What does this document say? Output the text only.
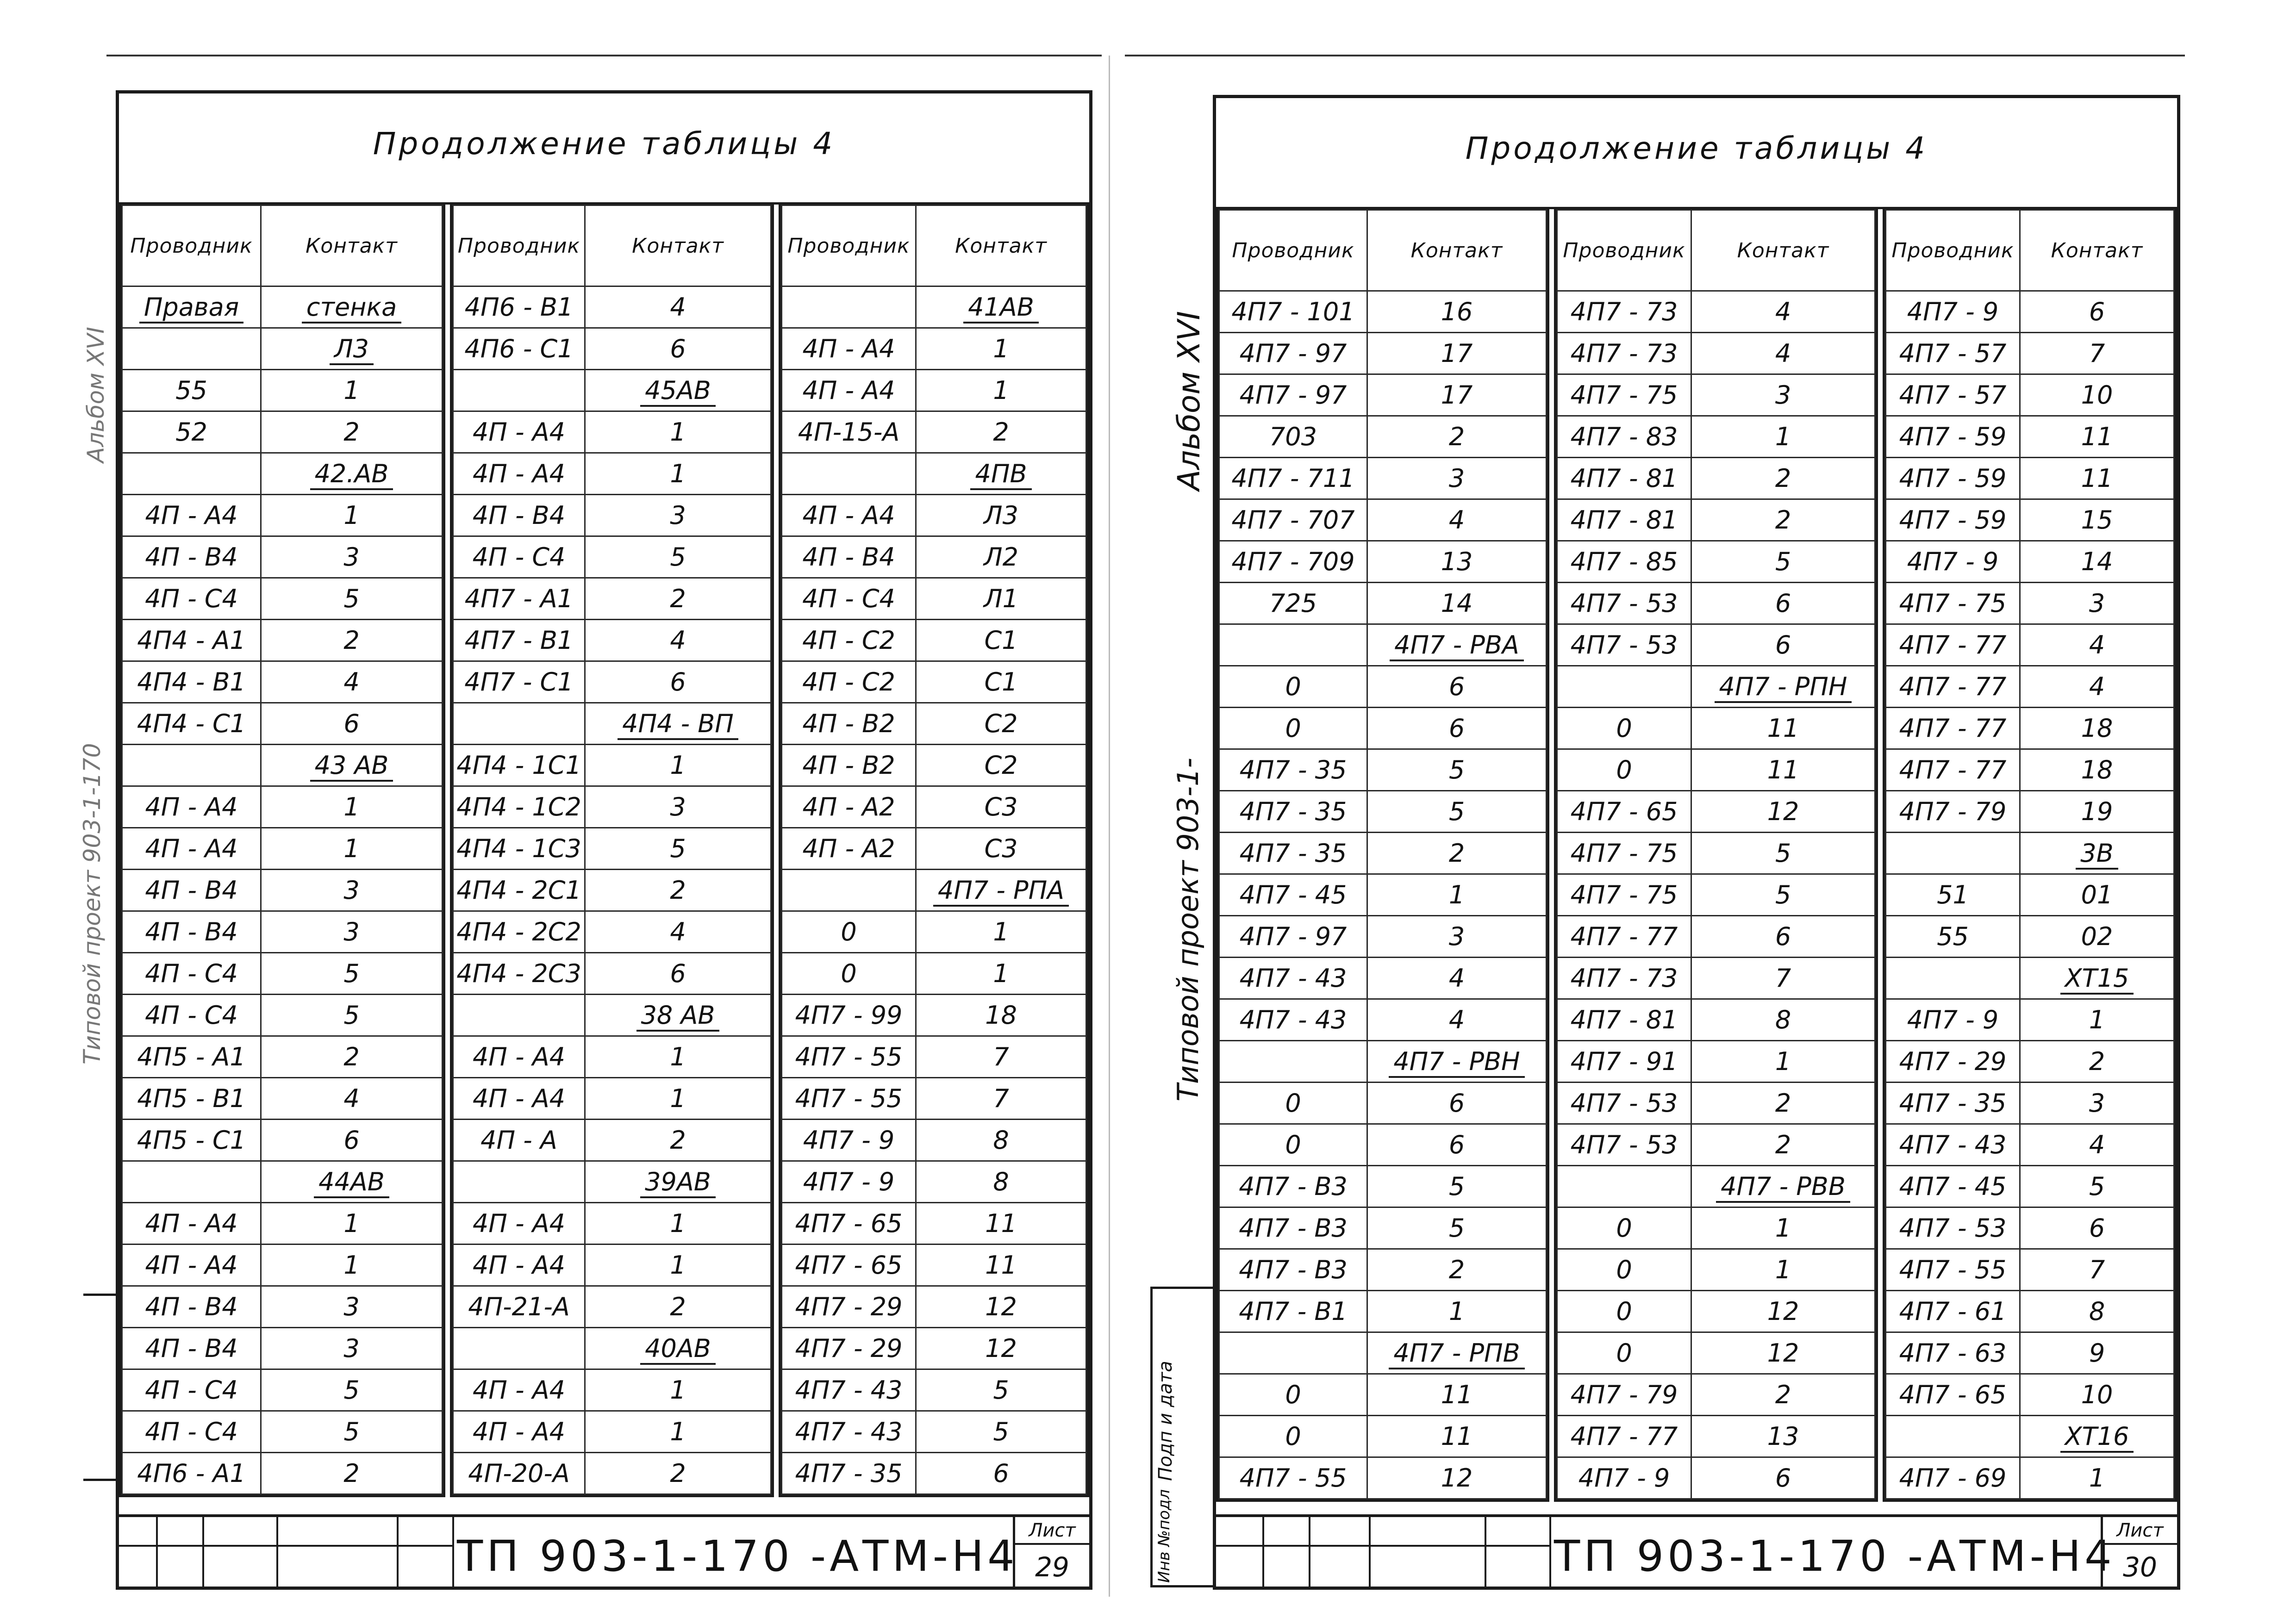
Продолжение таблицы 4
Проводник	Контакт
Правая	стенка
	Л3
55	1
52	2
	42.АВ
4П - А4	1
4П - В4	3
4П - С4	5
4П4 - А1	2
4П4 - В1	4
4П4 - С1	6
	43 АВ
4П - А4	1
4П - А4	1
4П - В4	3
4П - В4	3
4П - С4	5
4П - С4	5
4П5 - А1	2
4П5 - В1	4
4П5 - С1	6
	44АВ
4П - А4	1
4П - А4	1
4П - В4	3
4П - В4	3
4П - С4	5
4П - С4	5
4П6 - А1	2
Проводник	Контакт
4П6 - В1	4
4П6 - С1	6
	45АВ
4П - А4	1
4П - А4	1
4П - В4	3
4П - С4	5
4П7 - А1	2
4П7 - В1	4
4П7 - С1	6
	4П4 - ВП
4П4 - 1С1	1
4П4 - 1С2	3
4П4 - 1С3	5
4П4 - 2С1	2
4П4 - 2С2	4
4П4 - 2С3	6
	38 АВ
4П - А4	1
4П - А4	1
4П - А	2
	39АВ
4П - А4	1
4П - А4	1
4П-21-А	2
	40АВ
4П - А4	1
4П - А4	1
4П-20-А	2
Проводник	Контакт
	41АВ
4П - А4	1
4П - А4	1
4П-15-А	2
	4ПВ
4П - А4	Л3
4П - В4	Л2
4П - С4	Л1
4П - С2	С1
4П - С2	С1
4П - В2	С2
4П - В2	С2
4П - А2	С3
4П - А2	С3
	4П7 - РПА
0	1
0	1
4П7 - 99	18
4П7 - 55	7
4П7 - 55	7
4П7 - 9	8
4П7 - 9	8
4П7 - 65	11
4П7 - 65	11
4П7 - 29	12
4П7 - 29	12
4П7 - 43	5
4П7 - 43	5
4П7 - 35	6
ТП 903-1-170 -АТМ-Н4
Лист
29
Альбом XVI
Типовой проект 903-1-170
Продолжение таблицы 4
Проводник	Контакт
4П7 - 101	16
4П7 - 97	17
4П7 - 97	17
703	2
4П7 - 711	3
4П7 - 707	4
4П7 - 709	13
725	14
	4П7 - РВА
0	6
0	6
4П7 - 35	5
4П7 - 35	5
4П7 - 35	2
4П7 - 45	1
4П7 - 97	3
4П7 - 43	4
4П7 - 43	4
	4П7 - РВН
0	6
0	6
4П7 - В3	5
4П7 - В3	5
4П7 - В3	2
4П7 - В1	1
	4П7 - РПВ
0	11
0	11
4П7 - 55	12
Проводник	Контакт
4П7 - 73	4
4П7 - 73	4
4П7 - 75	3
4П7 - 83	1
4П7 - 81	2
4П7 - 81	2
4П7 - 85	5
4П7 - 53	6
4П7 - 53	6
	4П7 - РПН
0	11
0	11
4П7 - 65	12
4П7 - 75	5
4П7 - 75	5
4П7 - 77	6
4П7 - 73	7
4П7 - 81	8
4П7 - 91	1
4П7 - 53	2
4П7 - 53	2
	4П7 - РВВ
0	1
0	1
0	12
0	12
4П7 - 79	2
4П7 - 77	13
4П7 - 9	6
Проводник	Контакт
4П7 - 9	6
4П7 - 57	7
4П7 - 57	10
4П7 - 59	11
4П7 - 59	11
4П7 - 59	15
4П7 - 9	14
4П7 - 75	3
4П7 - 77	4
4П7 - 77	4
4П7 - 77	18
4П7 - 77	18
4П7 - 79	19
	3В
51	01
55	02
	ХТ15
4П7 - 9	1
4П7 - 29	2
4П7 - 35	3
4П7 - 43	4
4П7 - 45	5
4П7 - 53	6
4П7 - 55	7
4П7 - 61	8
4П7 - 63	9
4П7 - 65	10
	ХТ16
4П7 - 69	1
ТП 903-1-170 -АТМ-Н4
Лист
30
Подп и дата
Инв №подл
Альбом XVI
Типовой проект 903-1-
